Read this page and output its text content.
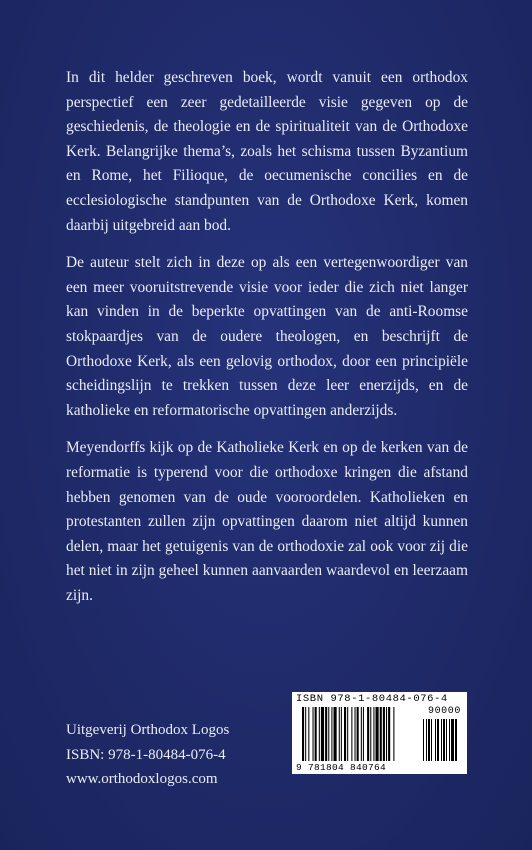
In dit helder geschreven boek, wordt vanuit een orthodox perspectief een zeer gedetailleerde visie gegeven op de geschiedenis, de theologie en de spiritualiteit van de Orthodoxe Kerk. Belangrijke thema’s, zoals het schisma tussen Byzantium en Rome, het Filioque, de oecumenische concilies en de ecclesiologische standpunten van de Orthodoxe Kerk, komen daarbij uitgebreid aan bod.

De auteur stelt zich in deze op als een vertegenwoordiger van een meer vooruitstrevende visie voor ieder die zich niet langer kan vinden in de beperkte opvattingen van de anti-Roomse stokpaardjes van de oudere theologen, en beschrijft de Orthodoxe Kerk, als een gelovig orthodox, door een principiële scheidingslijn te trekken tussen deze leer enerzijds, en de katholieke en reformatorische opvattingen anderzijds.

Meyendorffs kijk op de Katholieke Kerk en op de kerken van de reformatie is typerend voor die orthodoxe kringen die afstand hebben genomen van de oude vooroordelen. Katholieken en protestanten zullen zijn opvattingen daarom niet altijd kunnen delen, maar het getuigenis van de orthodoxie zal ook voor zij die het niet in zijn geheel kunnen aanvaarden waardevol en leerzaam zijn.

Uitgeverij Orthodox Logos
ISBN: 978-1-80484-076-4
www.orthodoxlogos.com
ISBN 978-1-80484-076-4
90000
9 781804 840764
